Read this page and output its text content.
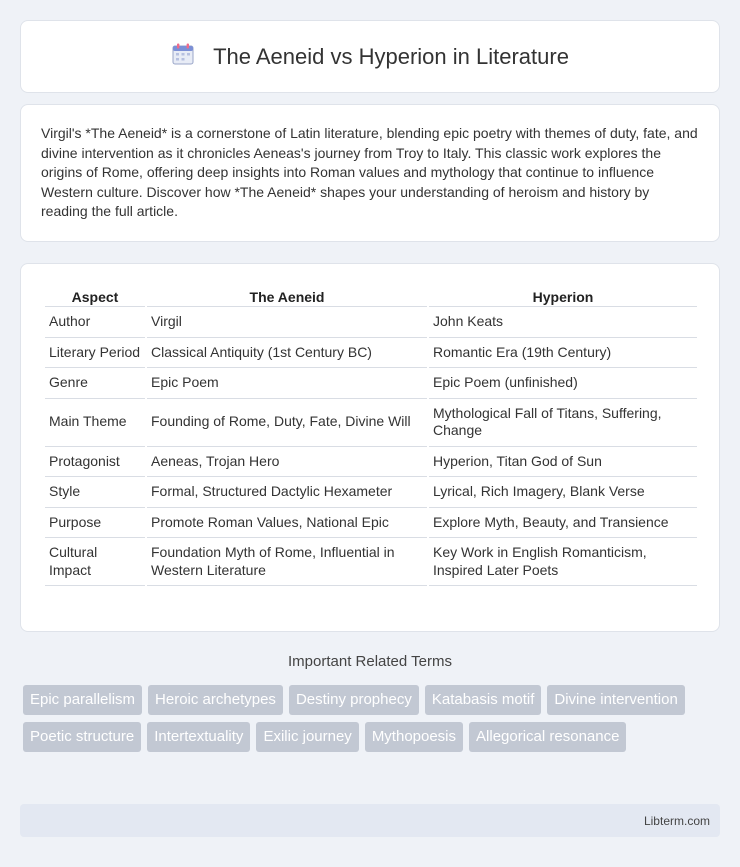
The Aeneid vs Hyperion in Literature

Virgil's *The Aeneid* is a cornerstone of Latin literature, blending epic poetry with themes of duty, fate, and divine intervention as it chronicles Aeneas's journey from Troy to Italy. This classic work explores the origins of Rome, offering deep insights into Roman values and mythology that continue to influence Western culture. Discover how *The Aeneid* shapes your understanding of heroism and history by reading the full article.

Aspect	The Aeneid	Hyperion
Author	Virgil	John Keats
Literary Period	Classical Antiquity (1st Century BC)	Romantic Era (19th Century)
Genre	Epic Poem	Epic Poem (unfinished)
Main Theme	Founding of Rome, Duty, Fate, Divine Will	Mythological Fall of Titans, Suffering, Change
Protagonist	Aeneas, Trojan Hero	Hyperion, Titan God of Sun
Style	Formal, Structured Dactylic Hexameter	Lyrical, Rich Imagery, Blank Verse
Purpose	Promote Roman Values, National Epic	Explore Myth, Beauty, and Transience
Cultural Impact	Foundation Myth of Rome, Influential in Western Literature	Key Work in English Romanticism, Inspired Later Poets
Important Related Terms
Epic parallelism	Heroic archetypes	Destiny prophecy	Katabasis motif	Divine intervention
Poetic structure	Intertextuality	Exilic journey	Mythopoesis	Allegorical resonance
Libterm.com
